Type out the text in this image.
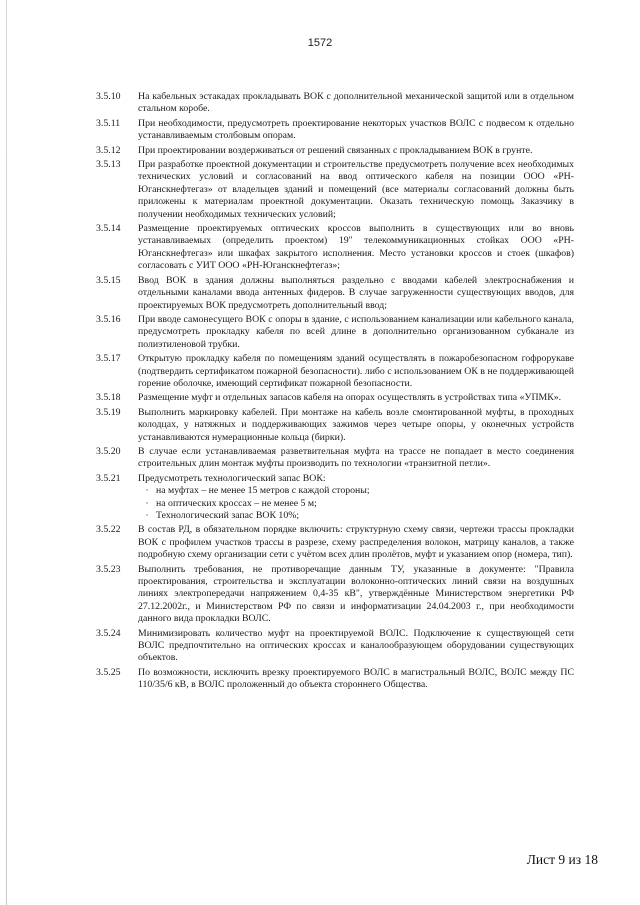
1572
3.5.10	На кабельных эстакадах прокладывать ВОК с дополнительной механической защитой или в отдельном стальном коробе.
3.5.11	При необходимости, предусмотреть проектирование некоторых участков ВОЛС с подвесом к отдельно устанавливаемым столбовым опорам.
3.5.12	При проектировании воздерживаться от решений связанных с прокладыванием ВОК в грунте.
3.5.13	При разработке проектной документации и строительстве предусмотреть получение всех необходимых технических условий и согласований на ввод оптического кабеля на позиции ООО «РН-Юганскнефтегаз» от владельцев зданий и помещений (все материалы согласований должны быть приложены к материалам проектной документации. Оказать техническую помощь Заказчику в получении необходимых технических условий;
3.5.14	Размещение проектируемых оптических кроссов выполнить в существующих или во вновь устанавливаемых (определить проектом) 19" телекоммуникационных стойках ООО «РН-Юганскнефтегаз» или шкафах закрытого исполнения. Место установки кроссов и стоек (шкафов) согласовать с УИТ ООО «РН-Юганскнефтегаз»;
3.5.15	Ввод ВОК в здания должны выполняться раздельно с вводами кабелей электроснабжения и отдельными каналами ввода антенных фидеров. В случае загруженности существующих вводов, для проектируемых ВОК предусмотреть дополнительный ввод;
3.5.16	При вводе самонесущего ВОК с опоры в здание, с использованием канализации или кабельного канала, предусмотреть прокладку кабеля по всей длине в дополнительно организованном субканале из полиэтиленовой трубки.
3.5.17	Открытую прокладку кабеля по помещениям зданий осуществлять в пожаробезопасном гофрорукаве (подтвердить сертификатом пожарной безопасности). либо с использованием ОК в не поддерживающей горение оболочке, имеющий сертификат пожарной безопасности.
3.5.18	Размещение муфт и отдельных запасов кабеля на опорах осуществлять в устройствах типа «УПМК».
3.5.19	Выполнить маркировку кабелей. При монтаже на кабель возле смонтированной муфты, в проходных колодцах, у натяжных и поддерживающих зажимов через четыре опоры, у оконечных устройств устанавливаются нумерационные кольца (бирки).
3.5.20	В случае если устанавливаемая разветвительная муфта на трассе не попадает в место соединения строительных длин монтаж муфты производить по технологии «транзитной петли».
3.5.21	Предусмотреть технологический запас ВОК:
· на муфтах – не менее 15 метров с каждой стороны;
· на оптических кроссах – не менее 5 м;
· Технологический запас ВОК 10%;
3.5.22	В состав РД, в обязательном порядке включить: структурную схему связи, чертежи трассы прокладки ВОК с профилем участков трассы в разрезе, схему распределения волокон, матрицу каналов, а также подробную схему организации сети с учётом всех длин пролётов, муфт и указанием опор (номера, тип).
3.5.23	Выполнить требования, не противоречащие данным ТУ, указанные в документе: "Правила проектирования, строительства и эксплуатации волоконно-оптических линий связи на воздушных линиях электропередачи напряжением 0,4-35 кВ", утверждённые Министерством энергетики РФ 27.12.2002г., и Министерством РФ по связи и информатизации 24.04.2003 г., при необходимости данного вида прокладки ВОЛС.
3.5.24	Минимизировать количество муфт на проектируемой ВОЛС. Подключение к существующей сети ВОЛС предпочтительно на оптических кроссах и каналообразующем оборудовании существующих объектов.
3.5.25	По возможности, исключить врезку проектируемого ВОЛС в магистральный ВОЛС, ВОЛС между ПС 110/35/6 кВ, в ВОЛС проложенный до объекта стороннего Общества.
Лист 9 из 18
